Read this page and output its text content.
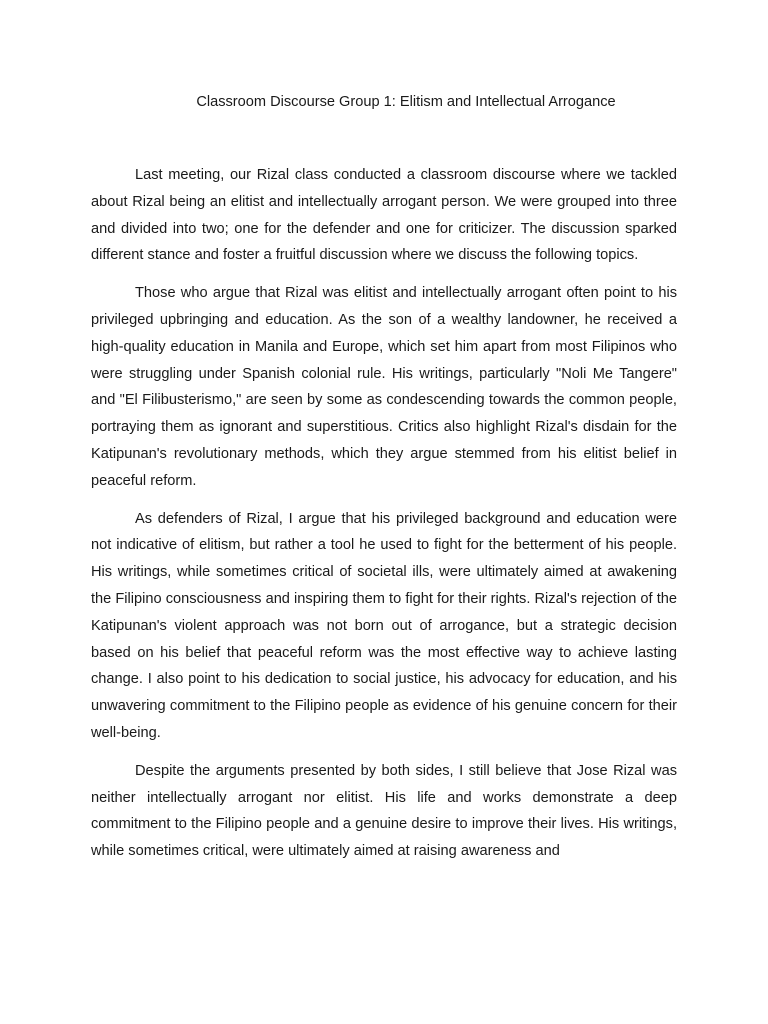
Classroom Discourse Group 1: Elitism and Intellectual Arrogance

Last meeting, our Rizal class conducted a classroom discourse where we tackled about Rizal being an elitist and intellectually arrogant person. We were grouped into three and divided into two; one for the defender and one for criticizer. The discussion sparked different stance and foster a fruitful discussion where we discuss the following topics.

Those who argue that Rizal was elitist and intellectually arrogant often point to his privileged upbringing and education. As the son of a wealthy landowner, he received a high-quality education in Manila and Europe, which set him apart from most Filipinos who were struggling under Spanish colonial rule. His writings, particularly "Noli Me Tangere" and "El Filibusterismo," are seen by some as condescending towards the common people, portraying them as ignorant and superstitious. Critics also highlight Rizal's disdain for the Katipunan's revolutionary methods, which they argue stemmed from his elitist belief in peaceful reform.

As defenders of Rizal, I argue that his privileged background and education were not indicative of elitism, but rather a tool he used to fight for the betterment of his people. His writings, while sometimes critical of societal ills, were ultimately aimed at awakening the Filipino consciousness and inspiring them to fight for their rights. Rizal's rejection of the Katipunan's violent approach was not born out of arrogance, but a strategic decision based on his belief that peaceful reform was the most effective way to achieve lasting change. I also point to his dedication to social justice, his advocacy for education, and his unwavering commitment to the Filipino people as evidence of his genuine concern for their well-being.

Despite the arguments presented by both sides, I still believe that Jose Rizal was neither intellectually arrogant nor elitist. His life and works demonstrate a deep commitment to the Filipino people and a genuine desire to improve their lives. His writings, while sometimes critical, were ultimately aimed at raising awareness and
